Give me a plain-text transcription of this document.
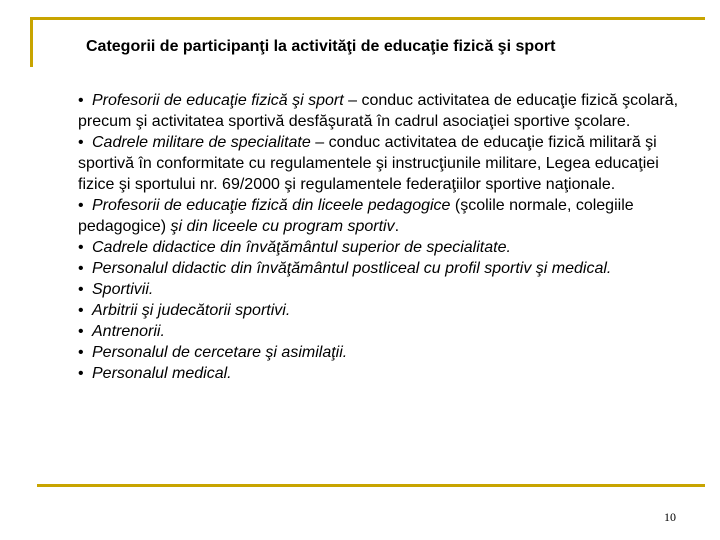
Categorii de participanţi la activităţi de educaţie fizică şi sport

• Profesorii de educaţie fizică şi sport – conduc activitatea de educaţie fizică şcolară, precum şi activitatea sportivă desfăşurată în cadrul asociaţiei sportive şcolare.

• Cadrele militare de specialitate – conduc activitatea de educaţie fizică militară şi sportivă în conformitate cu regulamentele şi instrucţiunile militare, Legea educaţiei fizice şi sportului nr. 69/2000 şi regulamentele federaţiilor sportive naţionale.

• Profesorii de educaţie fizică din liceele pedagogice (şcolile normale, colegiile pedagogice) şi din liceele cu program sportiv.

• Cadrele didactice din învăţământul superior de specialitate.

• Personalul didactic din învăţământul postliceal cu profil sportiv şi medical.

• Sportivii.

• Arbitrii şi judecătorii sportivi.

• Antrenorii.

• Personalul de cercetare şi asimilaţii.

• Personalul medical.

10
